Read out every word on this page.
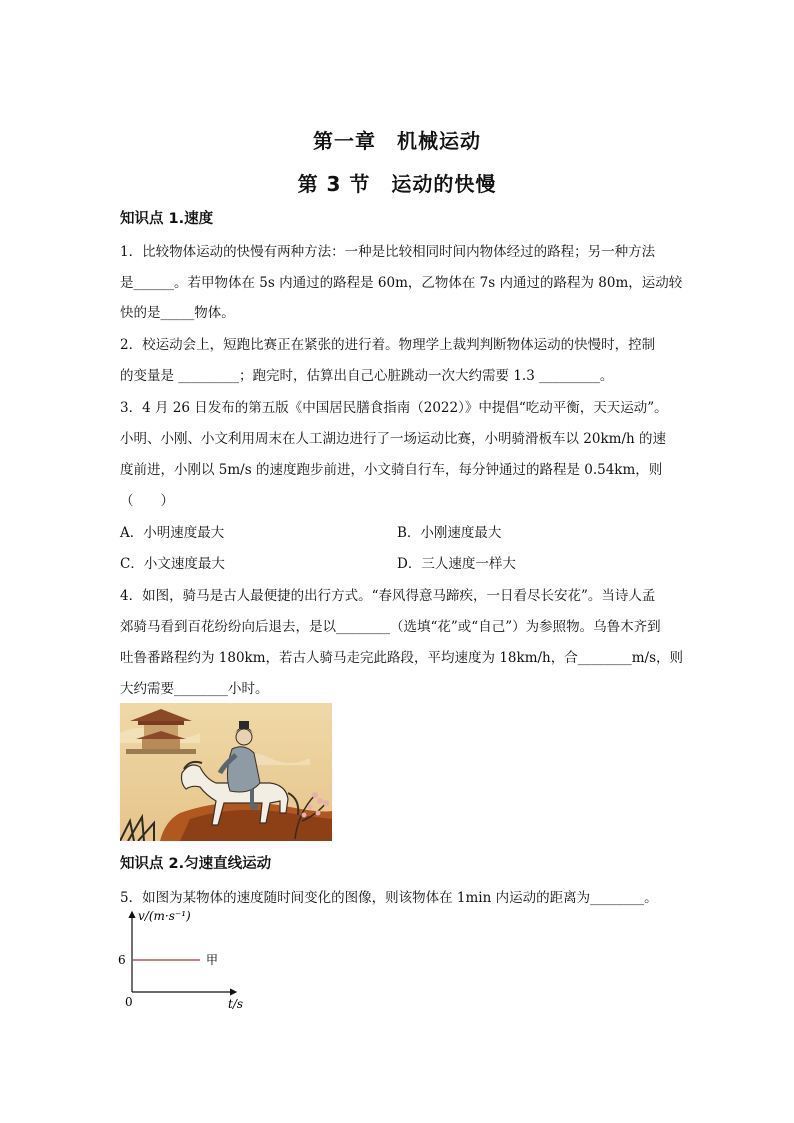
第一章　机械运动
第 3 节　运动的快慢
知识点 1.速度
1．比较物体运动的快慢有两种方法：一种是比较相同时间内物体经过的路程；另一种方法
是______。若甲物体在 5s 内通过的路程是 60m，乙物体在 7s 内通过的路程为 80m，运动较
快的是_____物体。
2．校运动会上，短跑比赛正在紧张的进行着。物理学上裁判判断物体运动的快慢时，控制
的变量是 _________；跑完时，估算出自己心脏跳动一次大约需要 1.3 _________。
3．4 月 26 日发布的第五版《中国居民膳食指南（2022）》中提倡“吃动平衡，天天运动”。
小明、小刚、小文利用周末在人工湖边进行了一场运动比赛，小明骑滑板车以 20km/h 的速
度前进，小刚以 5m/s 的速度跑步前进，小文骑自行车，每分钟通过的路程是 0.54km，则
（　　）
A．小明速度最大	B．小刚速度最大
C．小文速度最大	D．三人速度一样大
4．如图，骑马是古人最便捷的出行方式。“春风得意马蹄疾，一日看尽长安花”。当诗人孟
郊骑马看到百花纷纷向后退去，是以________（选填“花”或“自己”）为参照物。乌鲁木齐到
吐鲁番路程约为 180km，若古人骑马走完此路段，平均速度为 18km/h，合________m/s，则
大约需要________小时。
知识点 2.匀速直线运动
5．如图为某物体的速度随时间变化的图像，则该物体在 1min 内运动的距离为________。
v/(m·s⁻¹)
t/s
0
6	甲
